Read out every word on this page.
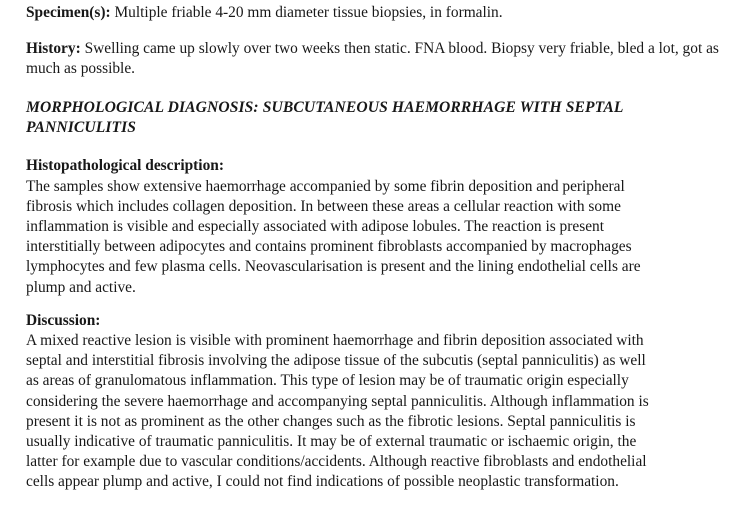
Specimen(s): Multiple friable 4-20 mm diameter tissue biopsies, in formalin.

History: Swelling came up slowly over two weeks then static. FNA blood. Biopsy very friable, bled a lot, got as much as possible.

MORPHOLOGICAL DIAGNOSIS: SUBCUTANEOUS HAEMORRHAGE WITH SEPTAL
PANNICULITIS

Histopathological description:

The samples show extensive haemorrhage accompanied by some fibrin deposition and peripheral
fibrosis which includes collagen deposition. In between these areas a cellular reaction with some
inflammation is visible and especially associated with adipose lobules. The reaction is present
interstitially between adipocytes and contains prominent fibroblasts accompanied by macrophages
lymphocytes and few plasma cells. Neovascularisation is present and the lining endothelial cells are
plump and active.

Discussion:

A mixed reactive lesion is visible with prominent haemorrhage and fibrin deposition associated with
septal and interstitial fibrosis involving the adipose tissue of the subcutis (septal panniculitis) as well
as areas of granulomatous inflammation. This type of lesion may be of traumatic origin especially
considering the severe haemorrhage and accompanying septal panniculitis. Although inflammation is
present it is not as prominent as the other changes such as the fibrotic lesions. Septal panniculitis is
usually indicative of traumatic panniculitis. It may be of external traumatic or ischaemic origin, the
latter for example due to vascular conditions/accidents. Although reactive fibroblasts and endothelial
cells appear plump and active, I could not find indications of possible neoplastic transformation.
